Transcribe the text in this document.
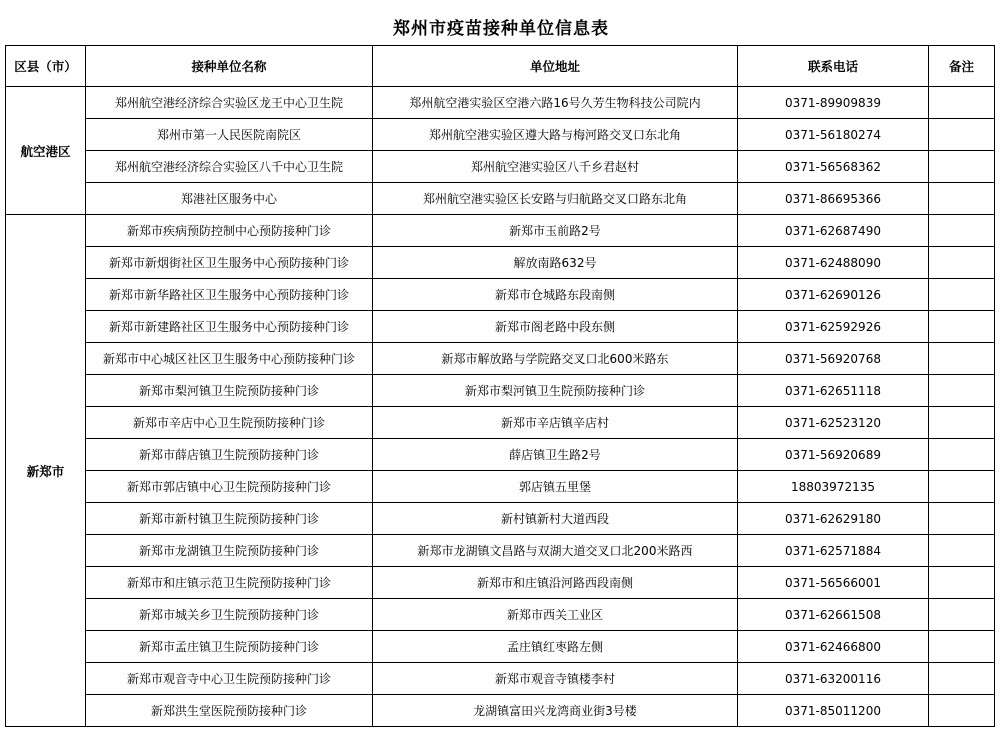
郑州市疫苗接种单位信息表
区县（市）	接种单位名称	单位地址	联系电话	备注
航空港区	郑州航空港经济综合实验区龙王中心卫生院	郑州航空港实验区空港六路16号久芳生物科技公司院内	0371-89909839	
	郑州市第一人民医院南院区	郑州航空港实验区遵大路与梅河路交叉口东北角	0371-56180274	
	郑州航空港经济综合实验区八千中心卫生院	郑州航空港实验区八千乡君赵村	0371-56568362	
	郑港社区服务中心	郑州航空港实验区长安路与归航路交叉口路东北角	0371-86695366	
新郑市	新郑市疾病预防控制中心预防接种门诊	新郑市玉前路2号	0371-62687490	
	新郑市新烟街社区卫生服务中心预防接种门诊	解放南路632号	0371-62488090	
	新郑市新华路社区卫生服务中心预防接种门诊	新郑市仓城路东段南侧	0371-62690126	
	新郑市新建路社区卫生服务中心预防接种门诊	新郑市阁老路中段东侧	0371-62592926	
	新郑市中心城区社区卫生服务中心预防接种门诊	新郑市解放路与学院路交叉口北600米路东	0371-56920768	
	新郑市梨河镇卫生院预防接种门诊	新郑市梨河镇卫生院预防接种门诊	0371-62651118	
	新郑市辛店中心卫生院预防接种门诊	新郑市辛店镇辛店村	0371-62523120	
	新郑市薛店镇卫生院预防接种门诊	薛店镇卫生路2号	0371-56920689	
	新郑市郭店镇中心卫生院预防接种门诊	郭店镇五里堡	18803972135	
	新郑市新村镇卫生院预防接种门诊	新村镇新村大道西段	0371-62629180	
	新郑市龙湖镇卫生院预防接种门诊	新郑市龙湖镇文昌路与双湖大道交叉口北200米路西	0371-62571884	
	新郑市和庄镇示范卫生院预防接种门诊	新郑市和庄镇沿河路西段南侧	0371-56566001	
	新郑市城关乡卫生院预防接种门诊	新郑市西关工业区	0371-62661508	
	新郑市孟庄镇卫生院预防接种门诊	孟庄镇红枣路左侧	0371-62466800	
	新郑市观音寺中心卫生院预防接种门诊	新郑市观音寺镇楼李村	0371-63200116	
	新郑洪生堂医院预防接种门诊	龙湖镇富田兴龙湾商业街3号楼	0371-85011200	
